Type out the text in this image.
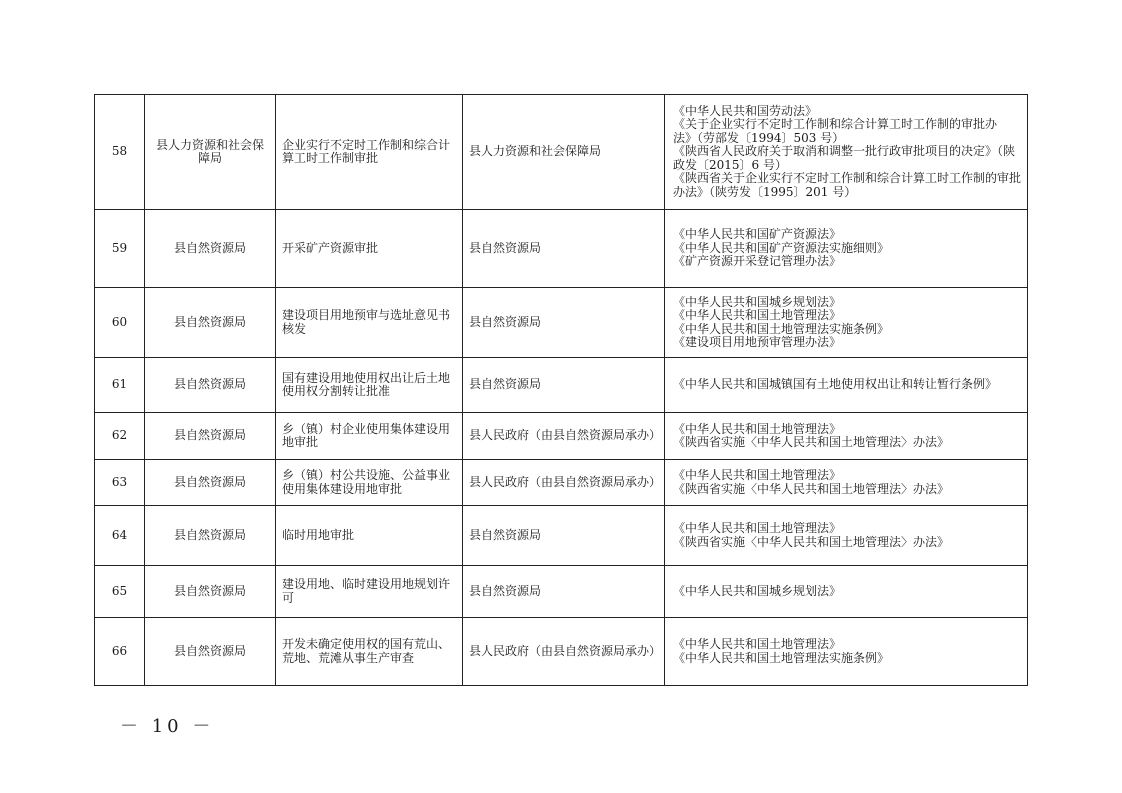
58	县人力资源和社会保障局	企业实行不定时工作制和综合计算工时工作制审批	县人力资源和社会保障局	《中华人民共和国劳动法》
《关于企业实行不定时工作制和综合计算工时工作制的审批办法》（劳部发〔1994〕503 号）
《陕西省人民政府关于取消和调整一批行政审批项目的决定》（陕政发〔2015〕6 号）
《陕西省关于企业实行不定时工作制和综合计算工时工作制的审批办法》（陕劳发〔1995〕201 号）

59	县自然资源局	开采矿产资源审批	县自然资源局	《中华人民共和国矿产资源法》
《中华人民共和国矿产资源法实施细则》
《矿产资源开采登记管理办法》

60	县自然资源局	建设项目用地预审与选址意见书核发	县自然资源局	《中华人民共和国城乡规划法》
《中华人民共和国土地管理法》
《中华人民共和国土地管理法实施条例》
《建设项目用地预审管理办法》

61	县自然资源局	国有建设用地使用权出让后土地使用权分割转让批准	县自然资源局	《中华人民共和国城镇国有土地使用权出让和转让暂行条例》

62	县自然资源局	乡（镇）村企业使用集体建设用地审批	县人民政府（由县自然资源局承办）	《中华人民共和国土地管理法》
《陕西省实施〈中华人民共和国土地管理法〉办法》

63	县自然资源局	乡（镇）村公共设施、公益事业使用集体建设用地审批	县人民政府（由县自然资源局承办）	《中华人民共和国土地管理法》
《陕西省实施〈中华人民共和国土地管理法〉办法》

64	县自然资源局	临时用地审批	县自然资源局	《中华人民共和国土地管理法》
《陕西省实施〈中华人民共和国土地管理法〉办法》

65	县自然资源局	建设用地、临时建设用地规划许可	县自然资源局	《中华人民共和国城乡规划法》

66	县自然资源局	开发未确定使用权的国有荒山、荒地、荒滩从事生产审查	县人民政府（由县自然资源局承办）	《中华人民共和国土地管理法》
《中华人民共和国土地管理法实施条例》
－ 10 －
